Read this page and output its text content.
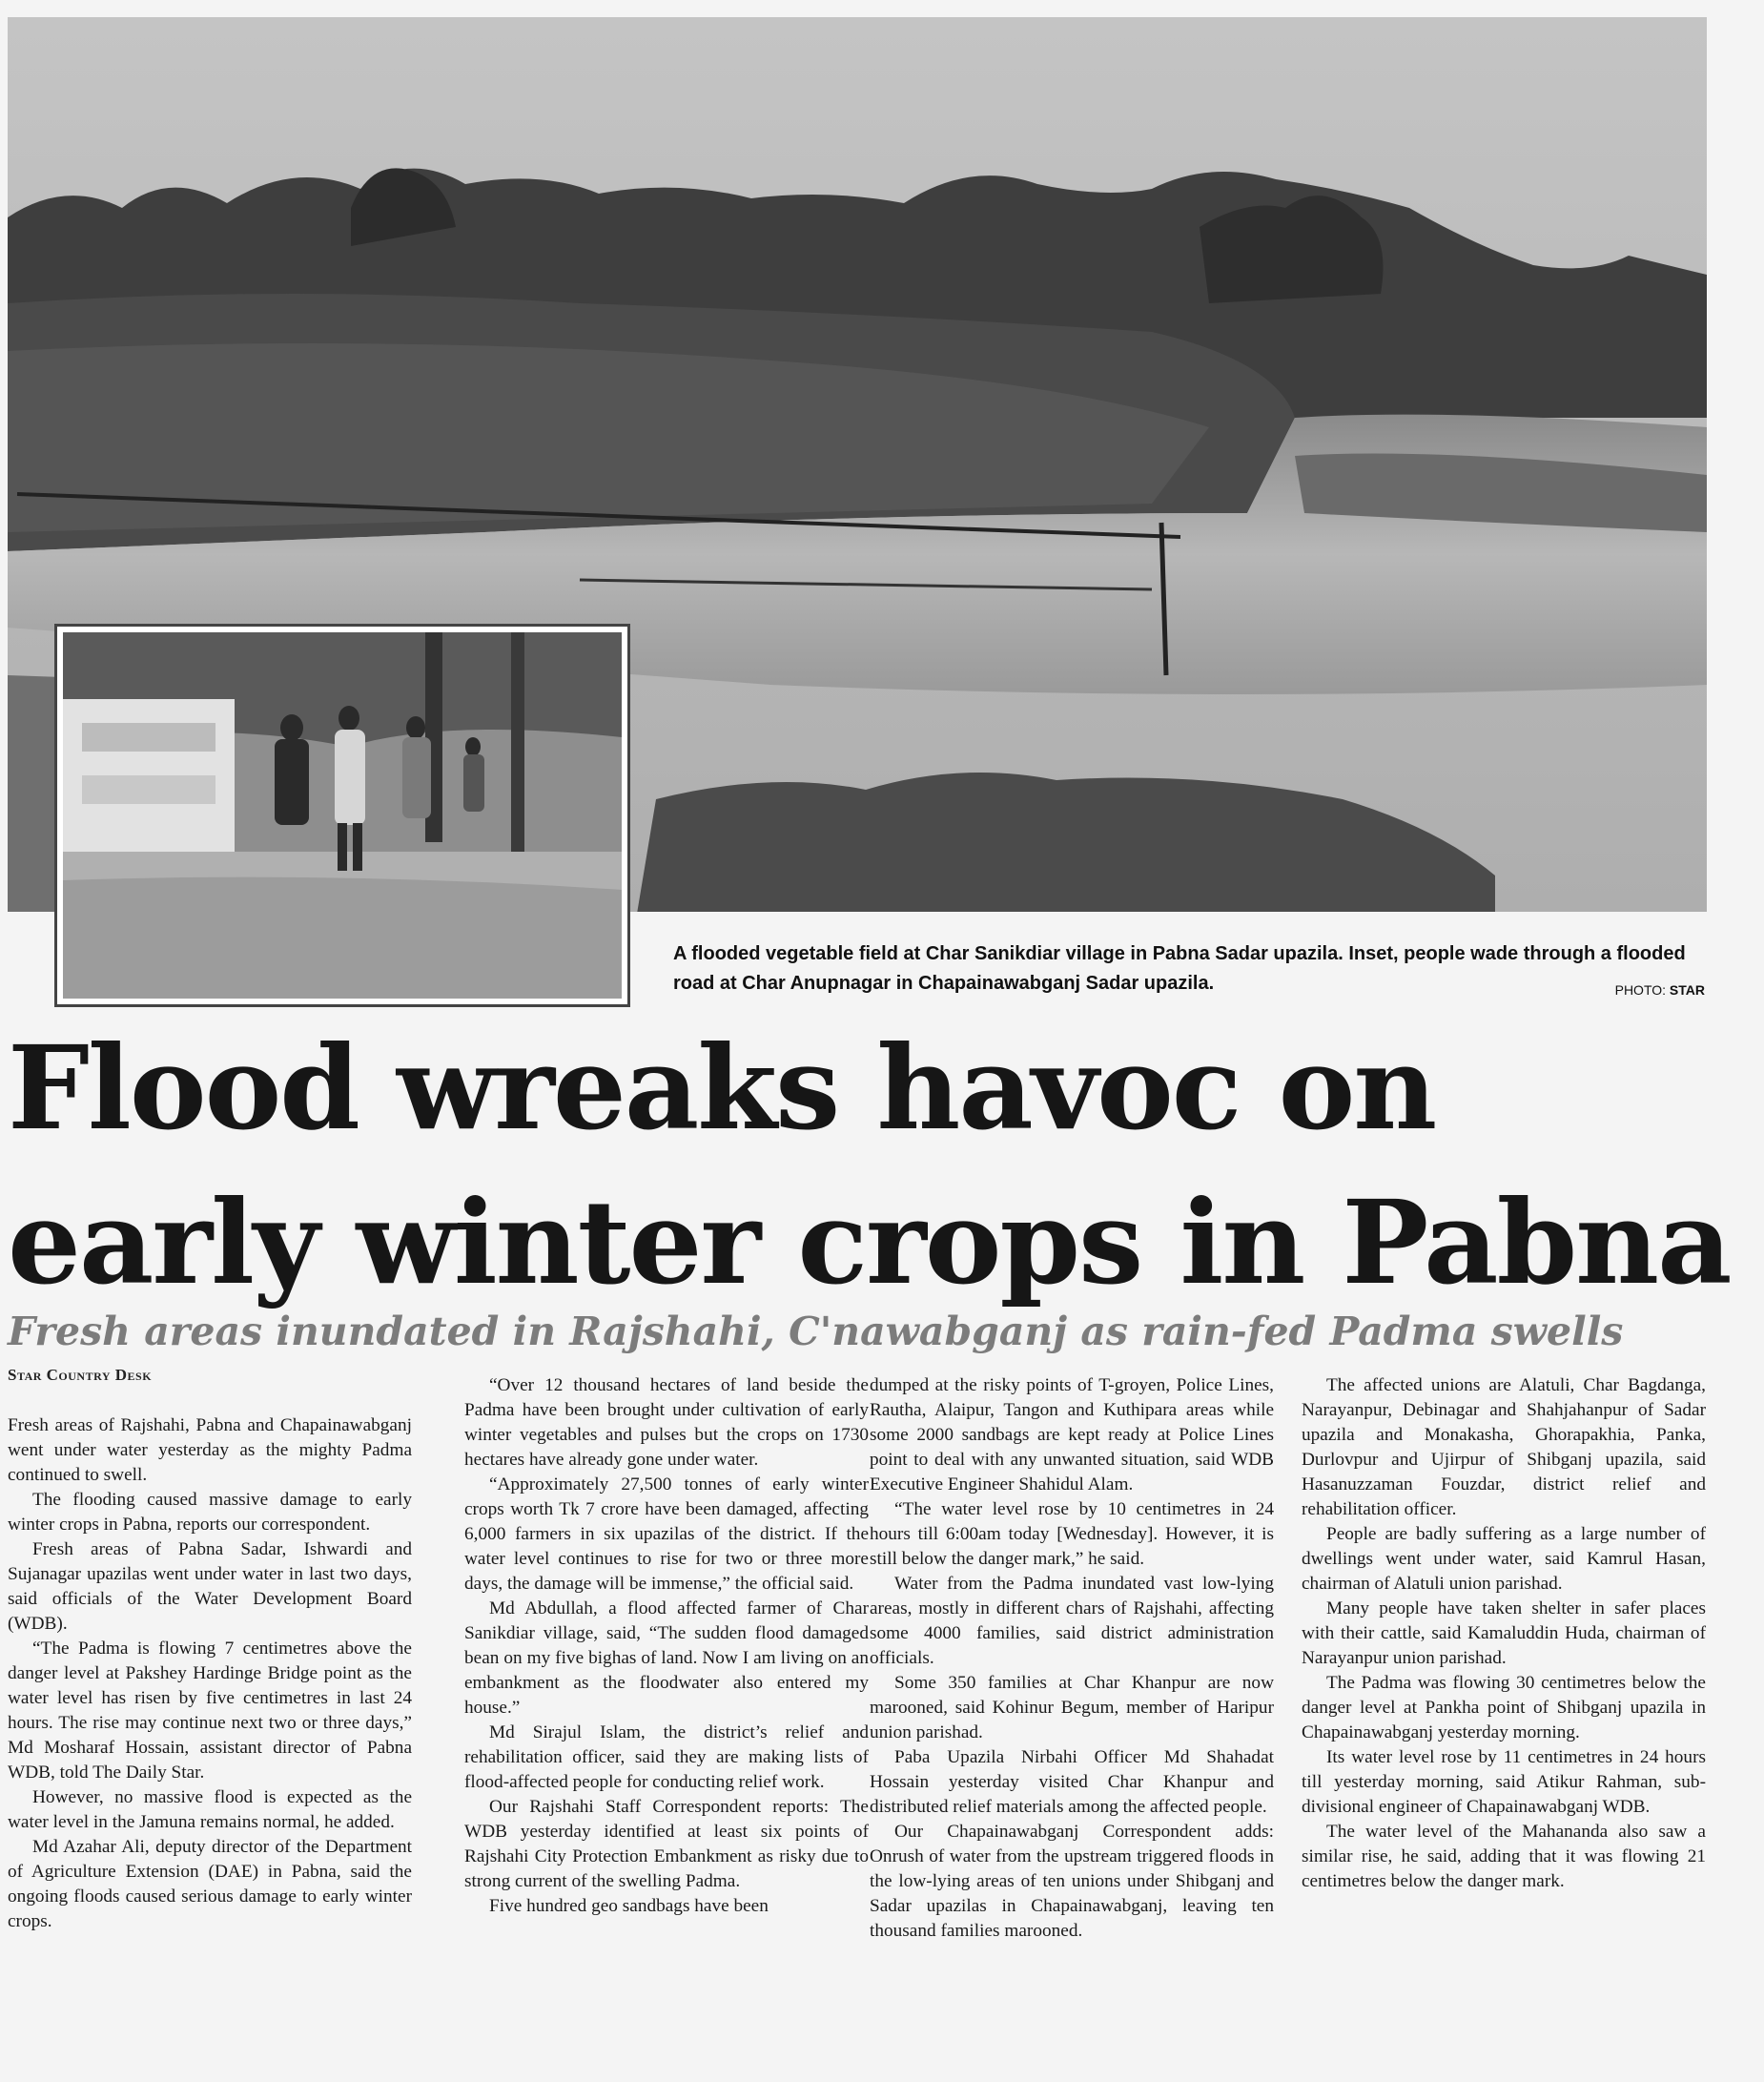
A flooded vegetable field at Char Sanikdiar village in Pabna Sadar upazila. Inset, people wade through a flooded road at Char Anupnagar in Chapainawabganj Sadar upazila.	PHOTO: STAR
Flood wreaks havoc on
early winter crops in Pabna
Fresh areas inundated in Rajshahi, C'nawabganj as rain-fed Padma swells
Star Country Desk

Fresh areas of Rajshahi, Pabna and Chapainawabganj went under water yesterday as the mighty Padma continued to swell.

The flooding caused massive damage to early winter crops in Pabna, reports our correspondent.

Fresh areas of Pabna Sadar, Ishwardi and Sujanagar upazilas went under water in last two days, said officials of the Water Development Board (WDB).

“The Padma is flowing 7 centimetres above the danger level at Pakshey Hardinge Bridge point as the water level has risen by five centimetres in last 24 hours. The rise may continue next two or three days,” Md Mosharaf Hossain, assistant director of Pabna WDB, told The Daily Star.

However, no massive flood is expected as the water level in the Jamuna remains normal, he added.

Md Azahar Ali, deputy director of the Department of Agriculture Extension (DAE) in Pabna, said the ongoing floods caused serious damage to early winter crops.

“Over 12 thousand hectares of land beside the Padma have been brought under cultivation of early winter vegetables and pulses but the crops on 1730 hectares have already gone under water.

“Approximately 27,500 tonnes of early winter crops worth Tk 7 crore have been damaged, affecting 6,000 farmers in six upazilas of the district. If the water level continues to rise for two or three more days, the damage will be immense,” the official said.

Md Abdullah, a flood affected farmer of Char Sanikdiar village, said, “The sudden flood damaged bean on my five bighas of land. Now I am living on an embankment as the floodwater also entered my house.”

Md Sirajul Islam, the district’s relief and rehabilitation officer, said they are making lists of flood-affected people for conducting relief work.

Our Rajshahi Staff Correspondent reports: The WDB yesterday identified at least six points of Rajshahi City Protection Embankment as risky due to strong current of the swelling Padma.

Five hundred geo sandbags have been

dumped at the risky points of T-groyen, Police Lines, Rautha, Alaipur, Tangon and Kuthipara areas while some 2000 sandbags are kept ready at Police Lines point to deal with any unwanted situation, said WDB Executive Engineer Shahidul Alam.

“The water level rose by 10 centimetres in 24 hours till 6:00am today [Wednesday]. However, it is still below the danger mark,” he said.

Water from the Padma inundated vast low-lying areas, mostly in different chars of Rajshahi, affecting some 4000 families, said district administration officials.

Some 350 families at Char Khanpur are now marooned, said Kohinur Begum, member of Haripur union parishad.

Paba Upazila Nirbahi Officer Md Shahadat Hossain yesterday visited Char Khanpur and distributed relief materials among the affected people.

Our Chapainawabganj Correspondent adds: Onrush of water from the upstream triggered floods in the low-lying areas of ten unions under Shibganj and Sadar upazilas in Chapainawabganj, leaving ten thousand families marooned.

The affected unions are Alatuli, Char Bagdanga, Narayanpur, Debinagar and Shahjahanpur of Sadar upazila and Monakasha, Ghorapakhia, Panka, Durlovpur and Ujirpur of Shibganj upazila, said Hasanuzzaman Fouzdar, district relief and rehabilitation officer.

People are badly suffering as a large number of dwellings went under water, said Kamrul Hasan, chairman of Alatuli union parishad.

Many people have taken shelter in safer places with their cattle, said Kamaluddin Huda, chairman of Narayanpur union parishad.

The Padma was flowing 30 centimetres below the danger level at Pankha point of Shibganj upazila in Chapainawabganj yesterday morning.

Its water level rose by 11 centimetres in 24 hours till yesterday morning, said Atikur Rahman, sub-divisional engineer of Chapainawabganj WDB.

The water level of the Mahananda also saw a similar rise, he said, adding that it was flowing 21 centimetres below the danger mark.
